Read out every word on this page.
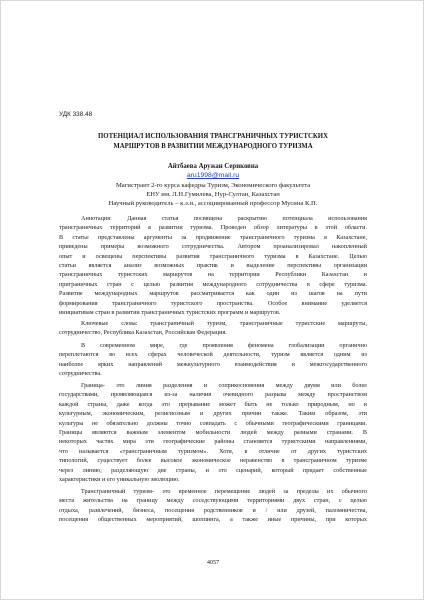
УДК 338.48
ПОТЕНЦИАЛ ИСПОЛЬЗОВАНИЯ ТРАНСГРАНИЧНЫХ ТУРИСТСКИХ
МАРШРУТОВ В РАЗВИТИИ МЕЖДУНАРОДНОГО ТУРИЗМА
Айтбаева Аружан Сериковна
aru1998@mail.ru
Магистрант 2-го курса кафедры Туризм, Экономического факультета
ЕНУ им. Л.Н.Гумилева, Нур-Султан, Казахстан
Научный руководитель – к.э.н., ассоциированный профессор Мусина К.П.
Аннотация: Данная статья посвящена раскрытию потенциала использования
трансграничных территорий в развитии туризма. Проведен обзор литературы в этой области.
В статье представлены аргументы за продвижение трансграничного туризма в Казахстане,
приведены примеры возможного сотрудничества. Автором проанализировал накопленный
опыт и освещены перспективы развития трансграничного туризма в Казахстане. Целью
статьи является анализ возможных практик и выделение перспективы организации
трансграничных туристских маршрутов на территории Республики Казахстан и
приграничных стран с целью развития международного сотрудничества в сфере туризма.
Развитие международных маршрутов рассматривается как один из шагов на пути
формирования трансграничного туристского пространства. Особое внимание уделяется
инициативам стран в развитии трансграничных туристских программ и маршрутов.
Ключевые слова: трансграничный туризм, трансграничные туристские маршруты,
сотрудничество, Республика Казахстан, Российская Федерация.
В современном мире, где проявления феномена глобализации органично
переплетаются во всех сферах человеческой деятельности, туризм является одним из
наиболее ярких направлений межкультурного взаимодействия и межгосударственного
сотрудничества.
Граница- это линия разделения и соприкосновения между двумя или более
государствами, проявляющаяся из-за наличия очевидного разрыва между пространством
каждой страны, даже когда это прерывание может быть не только природным, но и
культурным, экономическим, религиозным и других причин также. Таким образом, эти
культуры не обязательно должны точно совпадать с обычными географическими границами.
Границы являются важным элементом мобильности людей между разными странами. В
некоторых частях мира эти географические районы становятся туристскими направлениями,
что называется «трансграничным туризмом». Хотя, в отличие от других туристских
типологий, существует более высокое экономическое неравенство в трансграничном туризме
через линию, разделяющую две страны, и это сценарий, который придает собственные
характеристики и его уникальную эволюцию.
Трансграничный туризм- это временное перемещение людей за пределы их обычного
места жительства на границу между соседствующими территориями двух стран, с целью
отдыха, развлечений, бизнеса, посещения родственников и / или друзей, паломничества,
посещения общественных мероприятий, шоппинга, а также иные причины, при которых
4057
